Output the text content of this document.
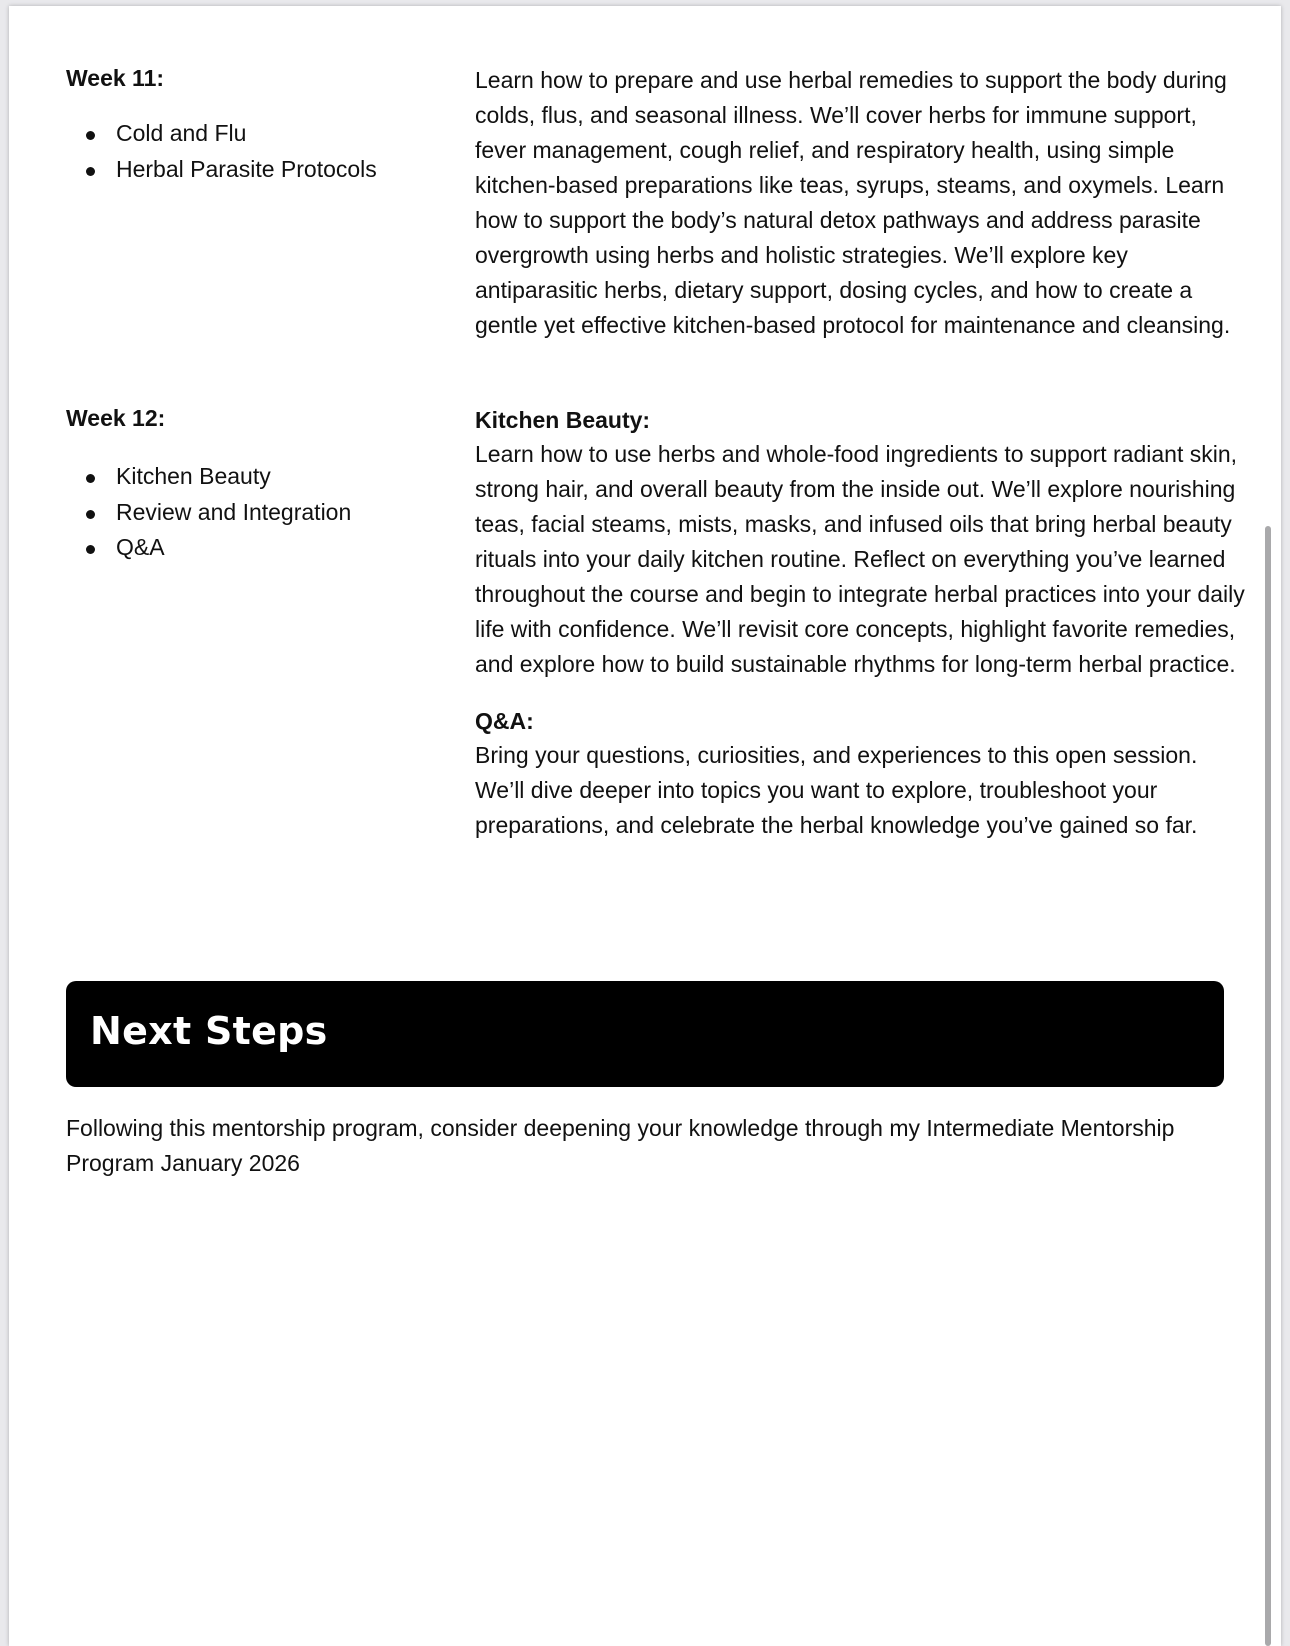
Week 11:
Cold and Flu
Herbal Parasite Protocols

Learn how to prepare and use herbal remedies to support the body during colds, flus, and seasonal illness. We’ll cover herbs for immune support, fever management, cough relief, and respiratory health, using simple kitchen-based preparations like teas, syrups, steams, and oxymels. Learn how to support the body’s natural detox pathways and address parasite overgrowth using herbs and holistic strategies. We’ll explore key antiparasitic herbs, dietary support, dosing cycles, and how to create a gentle yet effective kitchen-based protocol for maintenance and cleansing.

Week 12:
Kitchen Beauty
Review and Integration
Q&A
Kitchen Beauty:

Learn how to use herbs and whole-food ingredients to support radiant skin, strong hair, and overall beauty from the inside out. We’ll explore nourishing teas, facial steams, mists, masks, and infused oils that bring herbal beauty rituals into your daily kitchen routine. Reflect on everything you’ve learned throughout the course and begin to integrate herbal practices into your daily life with confidence. We’ll revisit core concepts, highlight favorite remedies, and explore how to build sustainable rhythms for long-term herbal practice.

Q&A:

Bring your questions, curiosities, and experiences to this open session. We’ll dive deeper into topics you want to explore, troubleshoot your preparations, and celebrate the herbal knowledge you’ve gained so far.

Next Steps

Following this mentorship program, consider deepening your knowledge through my Intermediate Mentorship Program January 2026
